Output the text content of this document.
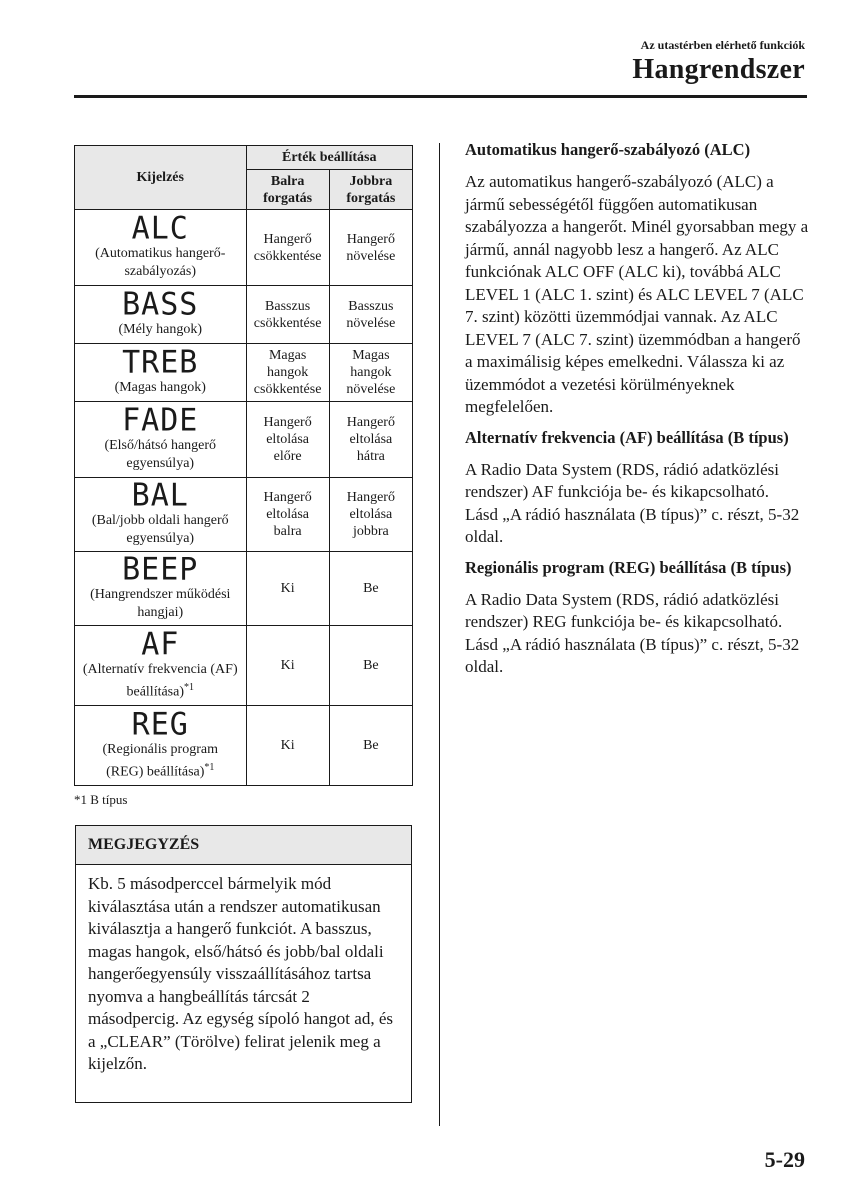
Az utastérben elérhető funkciók
Hangrendszer
Kijelzés	Érték beállítása	

	Balra forgatás	Jobbra forgatás

ALC
(Automatikus hangerő-szabályozás)	Hangerő csökkentése	Hangerő növelése

BASS
(Mély hangok)	Basszus csökkentése	Basszus növelése

TREB
(Magas hangok)	Magas hangok csökkentése	Magas hangok növelése

FADE
(Első/hátsó hangerő egyensúlya)	Hangerő eltolása előre	Hangerő eltolása hátra

BAL
(Bal/jobb oldali hangerő egyensúlya)	Hangerő eltolása balra	Hangerő eltolása jobbra

BEEP
(Hangrendszer működési hangjai)	Ki	Be

AF
(Alternatív frekvencia (AF) beállítása)$^{*1}$	Ki	Be

REG
(Regionális program (REG) beállítása)$^{*1}$	Ki	Be
*1 B típus
MEGJEGYZÉS
Kb. 5 másodperccel bármelyik mód kiválasztása után a rendszer automatikusan kiválasztja a hangerő funkciót. A basszus, magas hangok, első/hátsó és jobb/bal oldali hangerőegyensúly visszaállításához tartsa nyomva a hangbeállítás tárcsát 2 másodpercig. Az egység sípoló hangot ad, és a „CLEAR” (Törölve) felirat jelenik meg a kijelzőn.
Automatikus hangerő-szabályozó (ALC)

Az automatikus hangerő-szabályozó (ALC) a jármű sebességétől függően automatikusan szabályozza a hangerőt. Minél gyorsabban megy a jármű, annál nagyobb lesz a hangerő. Az ALC funkciónak ALC OFF (ALC ki), továbbá ALC LEVEL 1 (ALC 1. szint) és ALC LEVEL 7 (ALC 7. szint) közötti üzemmódjai vannak. Az ALC LEVEL 7 (ALC 7. szint) üzemmódban a hangerő a maximálisig képes emelkedni. Válassza ki az üzemmódot a vezetési körülményeknek megfelelően.

Alternatív frekvencia (AF) beállítása (B típus)

A Radio Data System (RDS, rádió adatközlési rendszer) AF funkciója be- és kikapcsolható.

Lásd „A rádió használata (B típus)” c. részt, 5-32 oldal.

Regionális program (REG) beállítása (B típus)

A Radio Data System (RDS, rádió adatközlési rendszer) REG funkciója be- és kikapcsolható.

Lásd „A rádió használata (B típus)” c. részt, 5-32 oldal.

5-29
